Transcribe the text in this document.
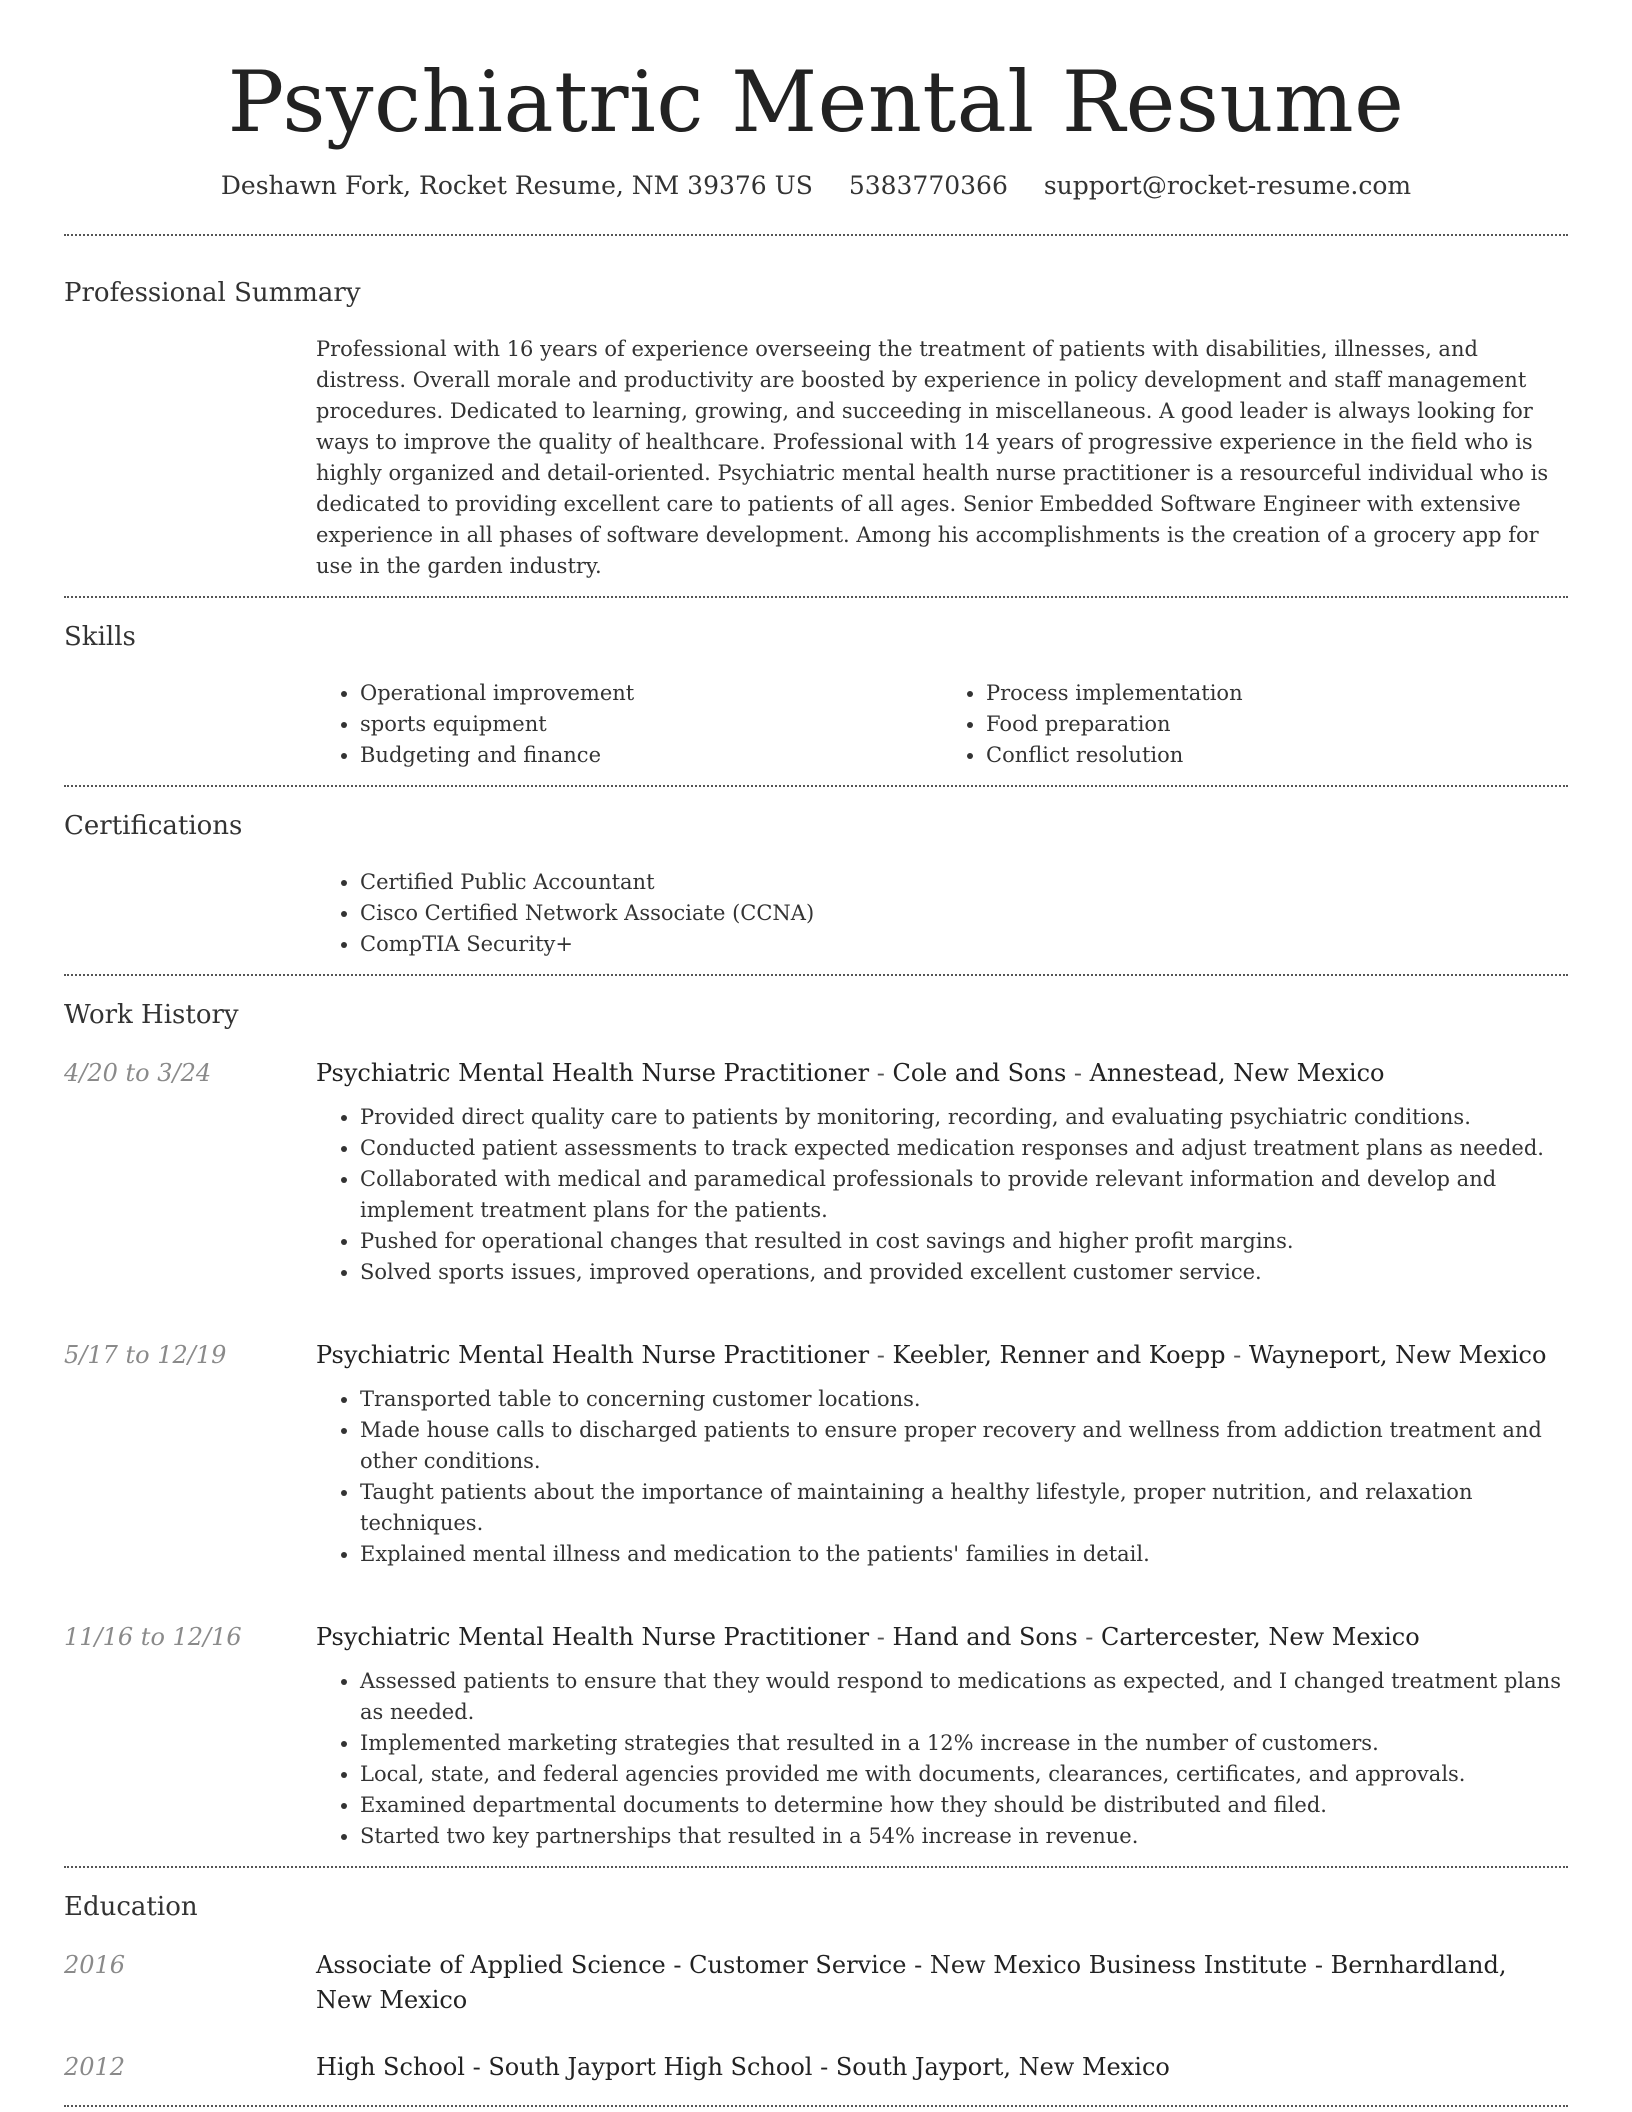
Psychiatric Mental Resume
Deshawn Fork, Rocket Resume, NM 39376 US 5383770366 support@rocket-resume.com
Professional Summary

Professional with 16 years of experience overseeing the treatment of patients with disabilities, illnesses, and distress. Overall morale and productivity are boosted by experience in policy development and staff management procedures. Dedicated to learning, growing, and succeeding in miscellaneous. A good leader is always looking for ways to improve the quality of healthcare. Professional with 14 years of progressive experience in the field who is highly organized and detail-oriented. Psychiatric mental health nurse practitioner is a resourceful individual who is dedicated to providing excellent care to patients of all ages. Senior Embedded Software Engineer with extensive experience in all phases of software development. Among his accomplishments is the creation of a grocery app for use in the garden industry.

Skills
• Operational improvement
• sports equipment
• Budgeting and finance
• Process implementation
• Food preparation
• Conflict resolution
Certifications
• Certified Public Accountant
• Cisco Certified Network Associate (CCNA)
• CompTIA Security+
Work History
4/20 to 3/24	Psychiatric Mental Health Nurse Practitioner - Cole and Sons - Annestead, New Mexico
• Provided direct quality care to patients by monitoring, recording, and evaluating psychiatric conditions.
• Conducted patient assessments to track expected medication responses and adjust treatment plans as needed.
• Collaborated with medical and paramedical professionals to provide relevant information and develop and implement treatment plans for the patients.
• Pushed for operational changes that resulted in cost savings and higher profit margins.
• Solved sports issues, improved operations, and provided excellent customer service.
5/17 to 12/19	Psychiatric Mental Health Nurse Practitioner - Keebler, Renner and Koepp - Wayneport, New Mexico
• Transported table to concerning customer locations.
• Made house calls to discharged patients to ensure proper recovery and wellness from addiction treatment and other conditions.
• Taught patients about the importance of maintaining a healthy lifestyle, proper nutrition, and relaxation techniques.
• Explained mental illness and medication to the patients' families in detail.
11/16 to 12/16	Psychiatric Mental Health Nurse Practitioner - Hand and Sons - Cartercester, New Mexico
• Assessed patients to ensure that they would respond to medications as expected, and I changed treatment plans as needed.
• Implemented marketing strategies that resulted in a 12% increase in the number of customers.
• Local, state, and federal agencies provided me with documents, clearances, certificates, and approvals.
• Examined departmental documents to determine how they should be distributed and filed.
• Started two key partnerships that resulted in a 54% increase in revenue.
Education
2016	Associate of Applied Science - Customer Service - New Mexico Business Institute - Bernhardland, New Mexico
2012	High School - South Jayport High School - South Jayport, New Mexico
